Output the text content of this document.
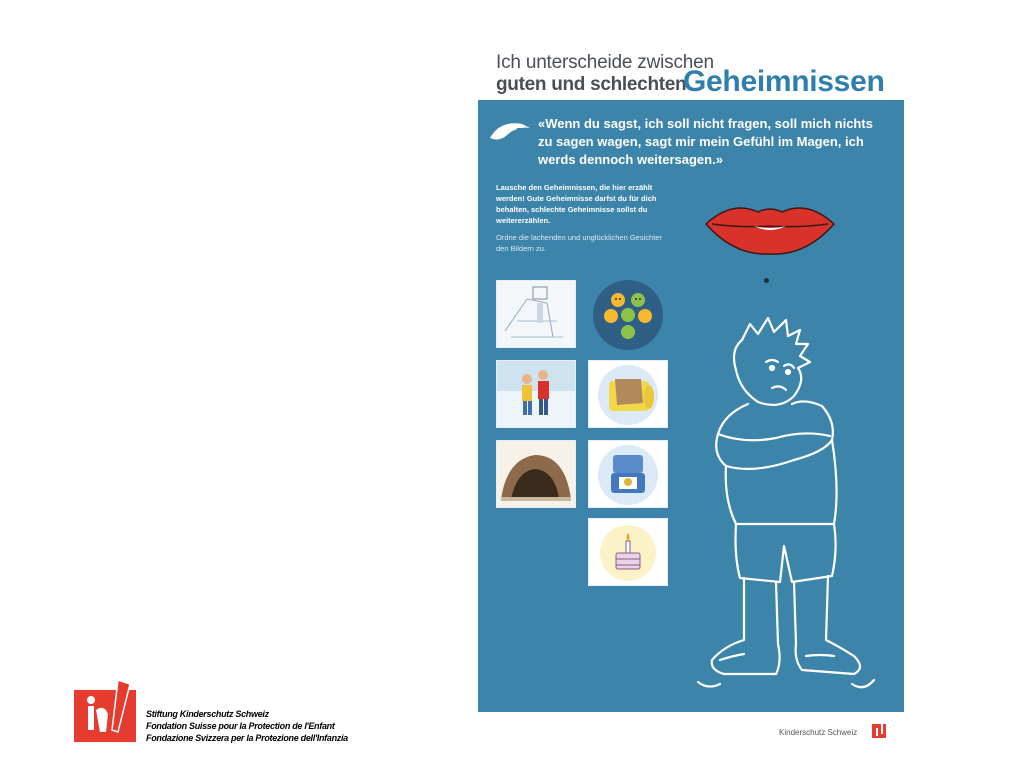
Ich unterscheide zwischen
guten und schlechten
Geheimnissen
«Wenn du sagst, ich soll nicht fragen, soll mich nichts zu sagen wagen, sagt mir mein Gefühl im Magen, ich werds dennoch weitersagen.»
Lausche den Geheimnissen, die hier erzählt werden! Gute Geheimnisse darfst du für dich behalten, schlechte Geheimnisse sollst du weitererzählen.
Ordne die lachenden und unglücklichen Gesichter den Bildern zu.
Kinderschutz Schweiz
Stiftung Kinderschutz Schweiz
Fondation Suisse pour la Protection de l'Enfant
Fondazione Svizzera per la Protezione dell'Infanzia
